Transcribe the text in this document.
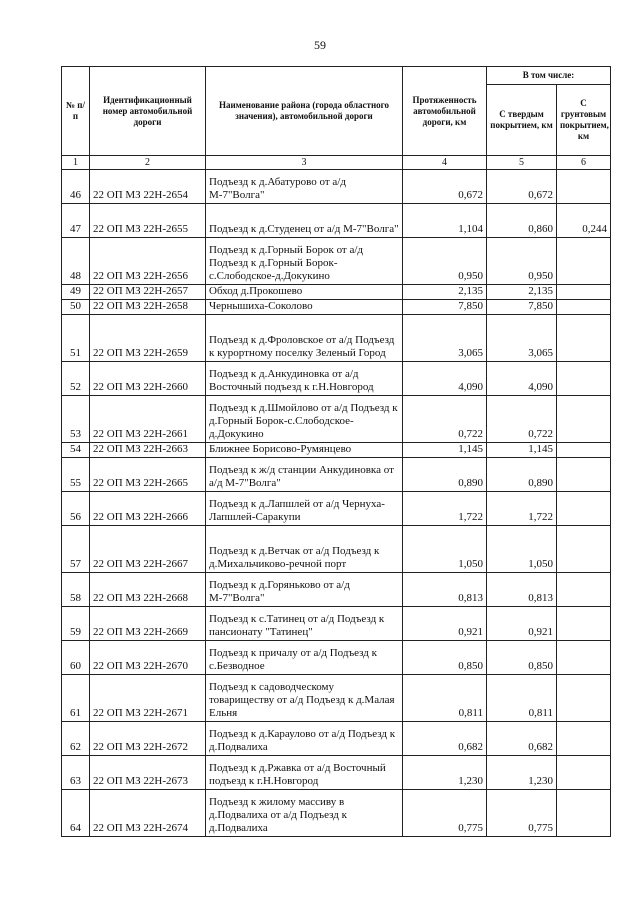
59
№ п/п	Идентификационный номер автомобильной дороги	Наименование района (города областного значения), автомобильной дороги	Протяженность автомобильной дороги, км	В том числе:	
				С твердым покрытием, км	С грунтовым покрытием, км
1	2	3	4	5	6
46	22 ОП МЗ 22Н-2654	Подъезд к д.Абатурово от а/д М-7"Волга"	0,672	0,672	
47	22 ОП МЗ 22Н-2655	Подъезд к д.Студенец от а/д М-7"Волга"	1,104	0,860	0,244
48	22 ОП МЗ 22Н-2656	Подъезд к д.Горный Борок от а/д Подъезд к д.Горный Борок-с.Слободское-д.Докукино	0,950	0,950	
49	22 ОП МЗ 22Н-2657	Обход д.Прокошево	2,135	2,135	
50	22 ОП МЗ 22Н-2658	Чернышиха-Соколово	7,850	7,850	
51	22 ОП МЗ 22Н-2659	Подъезд к д.Фроловское от а/д Подъезд к курортному поселку Зеленый Город	3,065	3,065	
52	22 ОП МЗ 22Н-2660	Подъезд к д.Анкудиновка от а/д Восточный подъезд к г.Н.Новгород	4,090	4,090	
53	22 ОП МЗ 22Н-2661	Подъезд к д.Шмойлово от а/д Подъезд к д.Горный Борок-с.Слободское-д.Докукино	0,722	0,722	
54	22 ОП МЗ 22Н-2663	Ближнее Борисово-Румянцево	1,145	1,145	
55	22 ОП МЗ 22Н-2665	Подъезд к ж/д станции Анкудиновка от а/д М-7"Волга"	0,890	0,890	
56	22 ОП МЗ 22Н-2666	Подъезд к д.Лапшлей от а/д Чернуха-Лапшлей-Саракупи	1,722	1,722	
57	22 ОП МЗ 22Н-2667	Подъезд к д.Ветчак от а/д Подъезд к д.Михальчиково-речной порт	1,050	1,050	
58	22 ОП МЗ 22Н-2668	Подъезд к д.Горяньково от а/д М-7"Волга"	0,813	0,813	
59	22 ОП МЗ 22Н-2669	Подъезд к с.Татинец от а/д Подъезд к пансионату "Татинец"	0,921	0,921	
60	22 ОП МЗ 22Н-2670	Подъезд к причалу от а/д Подъезд к с.Безводное	0,850	0,850	
61	22 ОП МЗ 22Н-2671	Подъезд к садоводческому товариществу от а/д Подъезд к д.Малая Ельня	0,811	0,811	
62	22 ОП МЗ 22Н-2672	Подъезд к д.Караулово от а/д Подъезд к д.Подвалиха	0,682	0,682	
63	22 ОП МЗ 22Н-2673	Подъезд к д.Ржавка от а/д Восточный подъезд к г.Н.Новгород	1,230	1,230	
64	22 ОП МЗ 22Н-2674	Подъезд к жилому массиву в д.Подвалиха от а/д Подъезд к д.Подвалиха	0,775	0,775	
